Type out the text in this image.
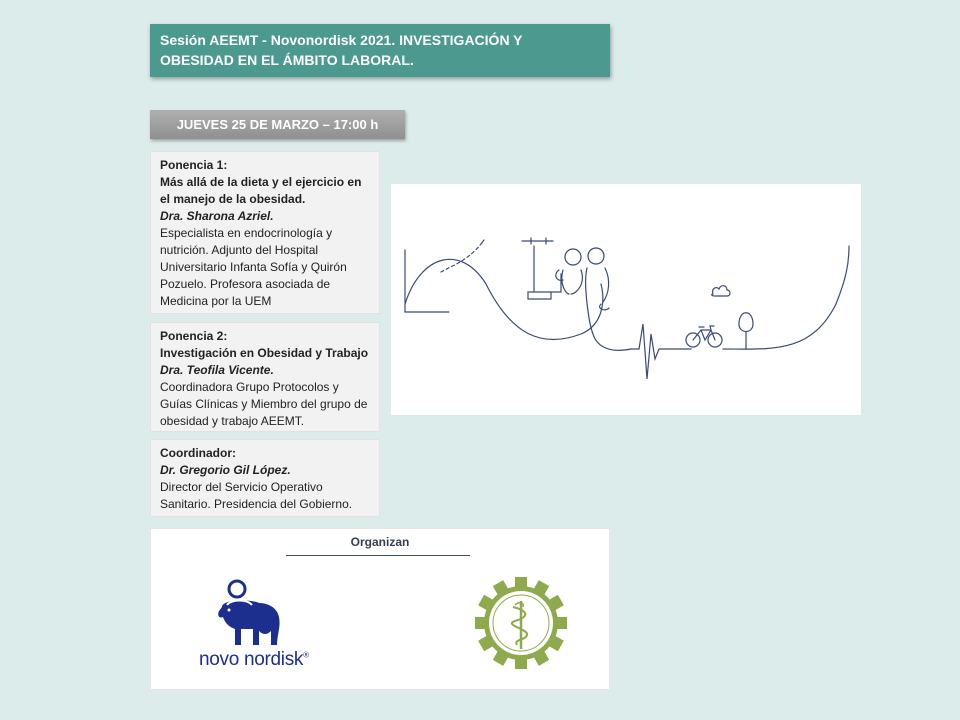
Sesión AEEMT - Novonordisk 2021. INVESTIGACIÓN Y OBESIDAD EN EL ÁMBITO LABORAL.
JUEVES 25 DE MARZO – 17:00 h
Ponencia 1:
Más allá de la dieta y el ejercicio en el manejo de la obesidad.
Dra. Sharona Azriel.
Especialista en endocrinología y nutrición. Adjunto del Hospital Universitario Infanta Sofía y Quirón Pozuelo. Profesora asociada de Medicina por la UEM
Ponencia 2:
Investigación en Obesidad y Trabajo
Dra. Teofila Vicente.
Coordinadora Grupo Protocolos y Guías Clínicas y Miembro del grupo de obesidad y trabajo AEEMT.
Coordinador:
Dr. Gregorio Gil López.
Director del Servicio Operativo Sanitario. Presidencia del Gobierno.
Organizan
novo nordisk®
